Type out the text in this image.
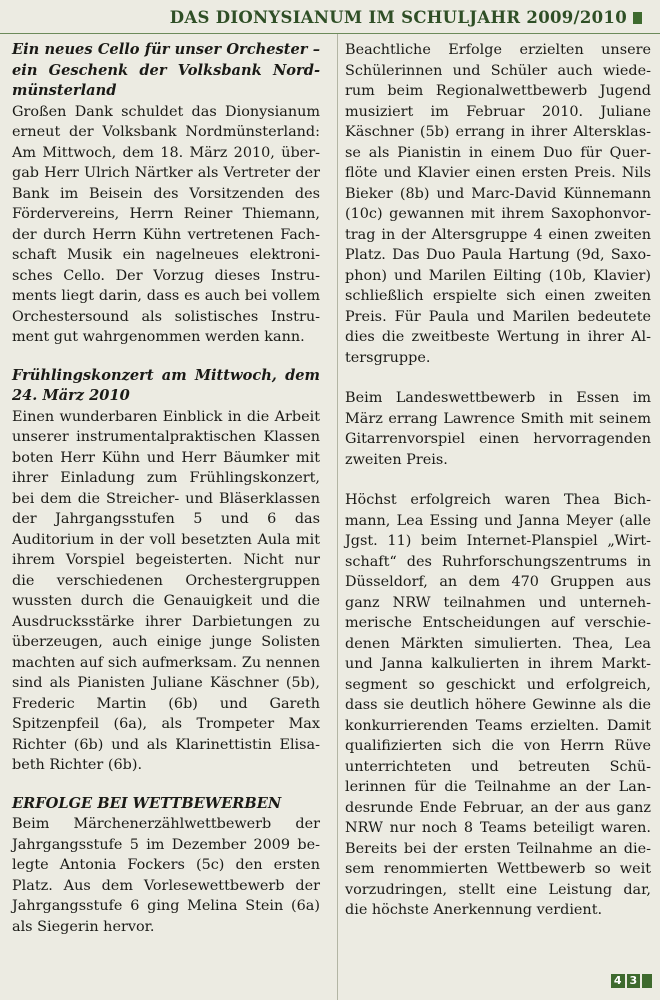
DAS DIONYSIANUM IM SCHULJAHR 2009/2010
Ein neues Cello für unser Orchester – ein Geschenk der Volksbank Nordmünsterland

Großen Dank schuldet das Dionysianum erneut der Volksbank Nordmünsterland: Am Mittwoch, dem 18. März 2010, übergab Herr Ulrich Närtker als Vertreter der Bank im Beisein des Vorsitzenden des Fördervereins, Herrn Reiner Thiemann, der durch Herrn Kühn vertretenen Fachschaft Musik ein nagelneues elektronisches Cello. Der Vorzug dieses Instruments liegt darin, dass es auch bei vollem Orchestersound als solistisches Instrument gut wahrgenommen werden kann.

Frühlingskonzert am Mittwoch, dem 24. März 2010

Einen wunderbaren Einblick in die Arbeit unserer instrumentalpraktischen Klassen boten Herr Kühn und Herr Bäumker mit ihrer Einladung zum Frühlingskonzert, bei dem die Streicher- und Bläserklassen der Jahrgangsstufen 5 und 6 das Auditorium in der voll besetzten Aula mit ihrem Vorspiel begeisterten. Nicht nur die verschiedenen Orchestergruppen wussten durch die Genauigkeit und die Ausdrucksstärke ihrer Darbietungen zu überzeugen, auch einige junge Solisten machten auf sich aufmerksam. Zu nennen sind als Pianisten Juliane Käschner (5b), Frederic Martin (6b) und Gareth Spitzenpfeil (6a), als Trompeter Max Richter (6b) und als Klarinettistin Elisabeth Richter (6b).

ERFOLGE BEI WETTBEWERBEN

Beim Märchenerzählwettbewerb der Jahrgangsstufe 5 im Dezember 2009 belegte Antonia Fockers (5c) den ersten Platz. Aus dem Vorlesewettbewerb der Jahrgangsstufe 6 ging Melina Stein (6a) als Siegerin hervor.

Beachtliche Erfolge erzielten unsere Schülerinnen und Schüler auch wiederum beim Regionalwettbewerb Jugend musiziert im Februar 2010. Juliane Käschner (5b) errang in ihrer Altersklasse als Pianistin in einem Duo für Querflöte und Klavier einen ersten Preis. Nils Bieker (8b) und Marc-David Künnemann (10c) gewannen mit ihrem Saxophonvortrag in der Altersgruppe 4 einen zweiten Platz. Das Duo Paula Hartung (9d, Saxophon) und Marilen Eilting (10b, Klavier) schließlich erspielte sich einen zweiten Preis. Für Paula und Marilen bedeutete dies die zweitbeste Wertung in ihrer Altersgruppe.

Beim Landeswettbewerb in Essen im März errang Lawrence Smith mit seinem Gitarrenvorspiel einen hervorragenden zweiten Preis.

Höchst erfolgreich waren Thea Bichmann, Lea Essing und Janna Meyer (alle Jgst. 11) beim Internet-Planspiel „Wirtschaft“ des Ruhrforschungszentrums in Düsseldorf, an dem 470 Gruppen aus ganz NRW teilnahmen und unternehmerische Entscheidungen auf verschiedenen Märkten simulierten. Thea, Lea und Janna kalkulierten in ihrem Marktsegment so geschickt und erfolgreich, dass sie deutlich höhere Gewinne als die konkurrierenden Teams erzielten. Damit qualifizierten sich die von Herrn Rüve unterrichteten und betreuten Schülerinnen für die Teilnahme an der Landesrunde Ende Februar, an der aus ganz NRW nur noch 8 Teams beteiligt waren. Bereits bei der ersten Teilnahme an diesem renommierten Wettbewerb so weit vorzudringen, stellt eine Leistung dar, die höchste Anerkennung verdient.

4 3
